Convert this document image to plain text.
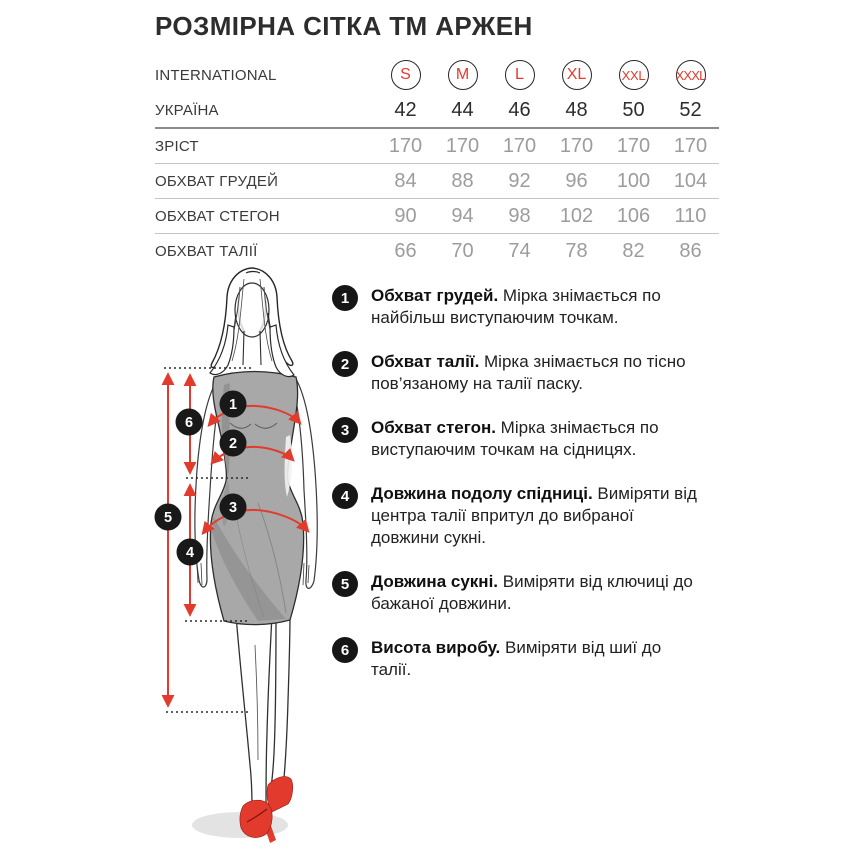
РОЗМІРНА СІТКА ТМ АРЖЕН
INTERNATIONAL	S	M	L	XL	XXL	XXXL
УКРАЇНА	42	44	46	48	50	52
ЗРІСТ	170	170	170	170	170	170
ОБХВАТ ГРУДЕЙ	84	88	92	96	100	104
ОБХВАТ СТЕГОН	90	94	98	102	106	110
ОБХВАТ ТАЛІЇ	66	70	74	78	82	86
1
2
3
6
5
4
1	Обхват грудей. Мірка знімається по найбільш виступаючим точкам.
2	Обхват талії. Мірка знімається по тісно пов’язаному на талії паску.
3	Обхват стегон. Мірка знімається по виступаючим точкам на сідницях.
4	Довжина подолу спідниці. Виміряти від центра талії впритул до вибраної довжини сукні.
5	Довжина сукні. Виміряти від ключиці до бажаної довжини.
6	Висота виробу. Виміряти від шиї до талії.
